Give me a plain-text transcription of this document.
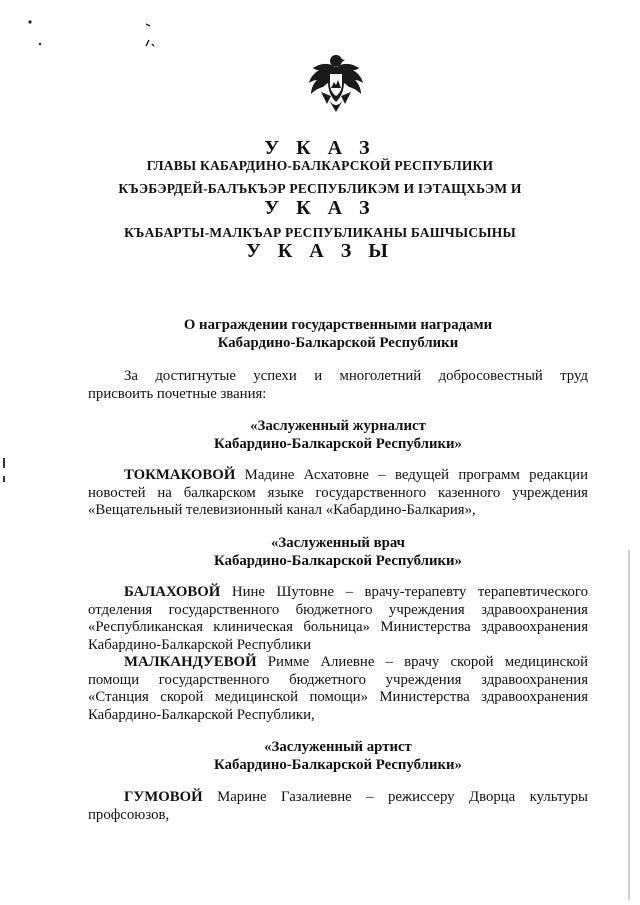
У К А З
ГЛАВЫ КАБАРДИНО-БАЛКАРСКОЙ РЕСПУБЛИКИ
КЪЭБЭРДЕЙ-БАЛЪКЪЭР РЕСПУБЛИКЭМ И ІЭТАЩХЬЭМ И
У К А З
КЪАБАРТЫ-МАЛКЪАР РЕСПУБЛИКАНЫ БАШЧЫСЫНЫ
У К А З Ы
О награждении государственными наградами
Кабардино-Балкарской Республики
За достигнутые успехи и многолетний добросовестный труд
присвоить почетные звания:
«Заслуженный журналист
Кабардино-Балкарской Республики»
ТОКМАКОВОЙ Мадине Асхатовне – ведущей программ редакции
новостей на балкарском языке государственного казенного учреждения
«Вещательный телевизионный канал «Кабардино-Балкария»,
«Заслуженный врач
Кабардино-Балкарской Республики»
БАЛАХОВОЙ Нине Шутовне – врачу-терапевту терапевтического
отделения государственного бюджетного учреждения здравоохранения
«Республиканская клиническая больница» Министерства здравоохранения
Кабардино-Балкарской Республики
МАЛКАНДУЕВОЙ Римме Алиевне – врачу скорой медицинской
помощи государственного бюджетного учреждения здравоохранения
«Станция скорой медицинской помощи» Министерства здравоохранения
Кабардино-Балкарской Республики,
«Заслуженный артист
Кабардино-Балкарской Республики»
ГУМОВОЙ Марине Газалиевне – режиссеру Дворца культуры
профсоюзов,
